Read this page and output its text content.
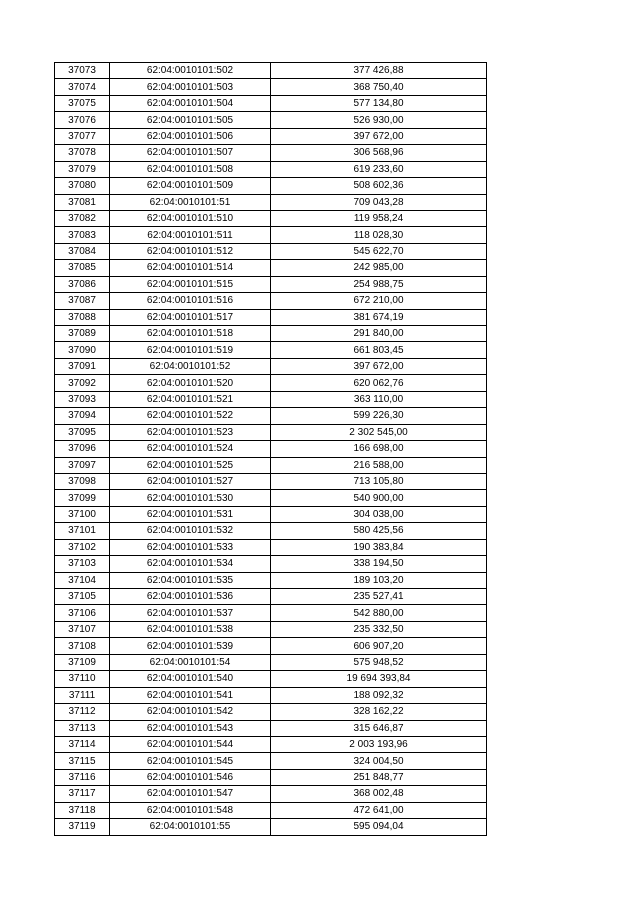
37073	62:04:0010101:502	377 426,88
37074	62:04:0010101:503	368 750,40
37075	62:04:0010101:504	577 134,80
37076	62:04:0010101:505	526 930,00
37077	62:04:0010101:506	397 672,00
37078	62:04:0010101:507	306 568,96
37079	62:04:0010101:508	619 233,60
37080	62:04:0010101:509	508 602,36
37081	62:04:0010101:51	709 043,28
37082	62:04:0010101:510	119 958,24
37083	62:04:0010101:511	118 028,30
37084	62:04:0010101:512	545 622,70
37085	62:04:0010101:514	242 985,00
37086	62:04:0010101:515	254 988,75
37087	62:04:0010101:516	672 210,00
37088	62:04:0010101:517	381 674,19
37089	62:04:0010101:518	291 840,00
37090	62:04:0010101:519	661 803,45
37091	62:04:0010101:52	397 672,00
37092	62:04:0010101:520	620 062,76
37093	62:04:0010101:521	363 110,00
37094	62:04:0010101:522	599 226,30
37095	62:04:0010101:523	2 302 545,00
37096	62:04:0010101:524	166 698,00
37097	62:04:0010101:525	216 588,00
37098	62:04:0010101:527	713 105,80
37099	62:04:0010101:530	540 900,00
37100	62:04:0010101:531	304 038,00
37101	62:04:0010101:532	580 425,56
37102	62:04:0010101:533	190 383,84
37103	62:04:0010101:534	338 194,50
37104	62:04:0010101:535	189 103,20
37105	62:04:0010101:536	235 527,41
37106	62:04:0010101:537	542 880,00
37107	62:04:0010101:538	235 332,50
37108	62:04:0010101:539	606 907,20
37109	62:04:0010101:54	575 948,52
37110	62:04:0010101:540	19 694 393,84
37111	62:04:0010101:541	188 092,32
37112	62:04:0010101:542	328 162,22
37113	62:04:0010101:543	315 646,87
37114	62:04:0010101:544	2 003 193,96
37115	62:04:0010101:545	324 004,50
37116	62:04:0010101:546	251 848,77
37117	62:04:0010101:547	368 002,48
37118	62:04:0010101:548	472 641,00
37119	62:04:0010101:55	595 094,04
